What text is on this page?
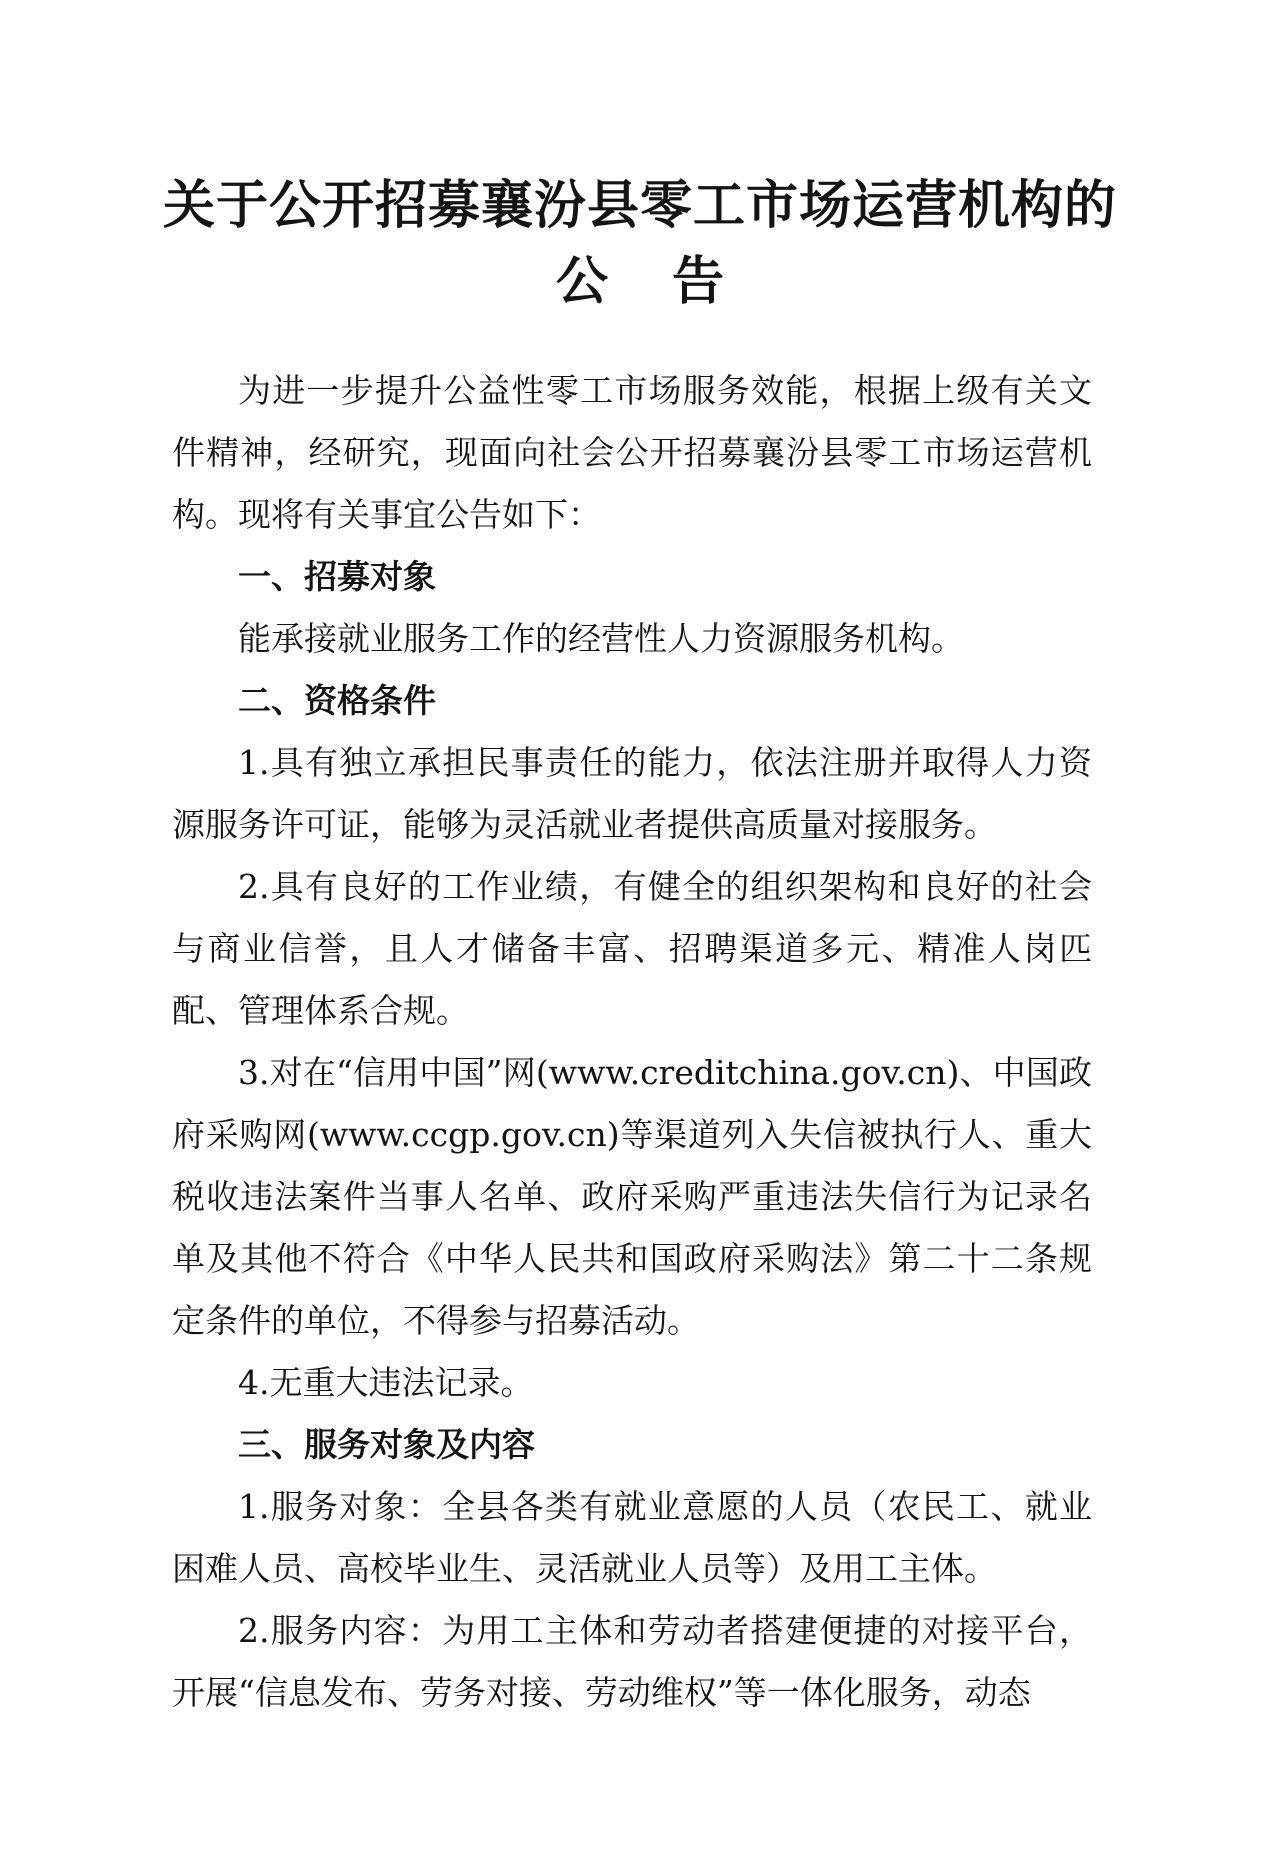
关于公开招募襄汾县零工市场运营机构的
公告

为进一步提升公益性零工市场服务效能，根据上级有关文件精神，经研究，现面向社会公开招募襄汾县零工市场运营机构。现将有关事宜公告如下：

一、招募对象

能承接就业服务工作的经营性人力资源服务机构。

二、资格条件

1.具有独立承担民事责任的能力，依法注册并取得人力资源服务许可证，能够为灵活就业者提供高质量对接服务。

2.具有良好的工作业绩，有健全的组织架构和良好的社会与商业信誉，且人才储备丰富、招聘渠道多元、精准人岗匹配、管理体系合规。

3.对在“信用中国”网(www.creditchina.gov.cn)、中国政府采购网(www.ccgp.gov.cn)等渠道列入失信被执行人、重大税收违法案件当事人名单、政府采购严重违法失信行为记录名单及其他不符合《中华人民共和国政府采购法》第二十二条规定条件的单位，不得参与招募活动。

4.无重大违法记录。

三、服务对象及内容

1.服务对象：全县各类有就业意愿的人员（农民工、就业困难人员、高校毕业生、灵活就业人员等）及用工主体。

2.服务内容：为用工主体和劳动者搭建便捷的对接平台，开展“信息发布、劳务对接、劳动维权”等一体化服务，动态
